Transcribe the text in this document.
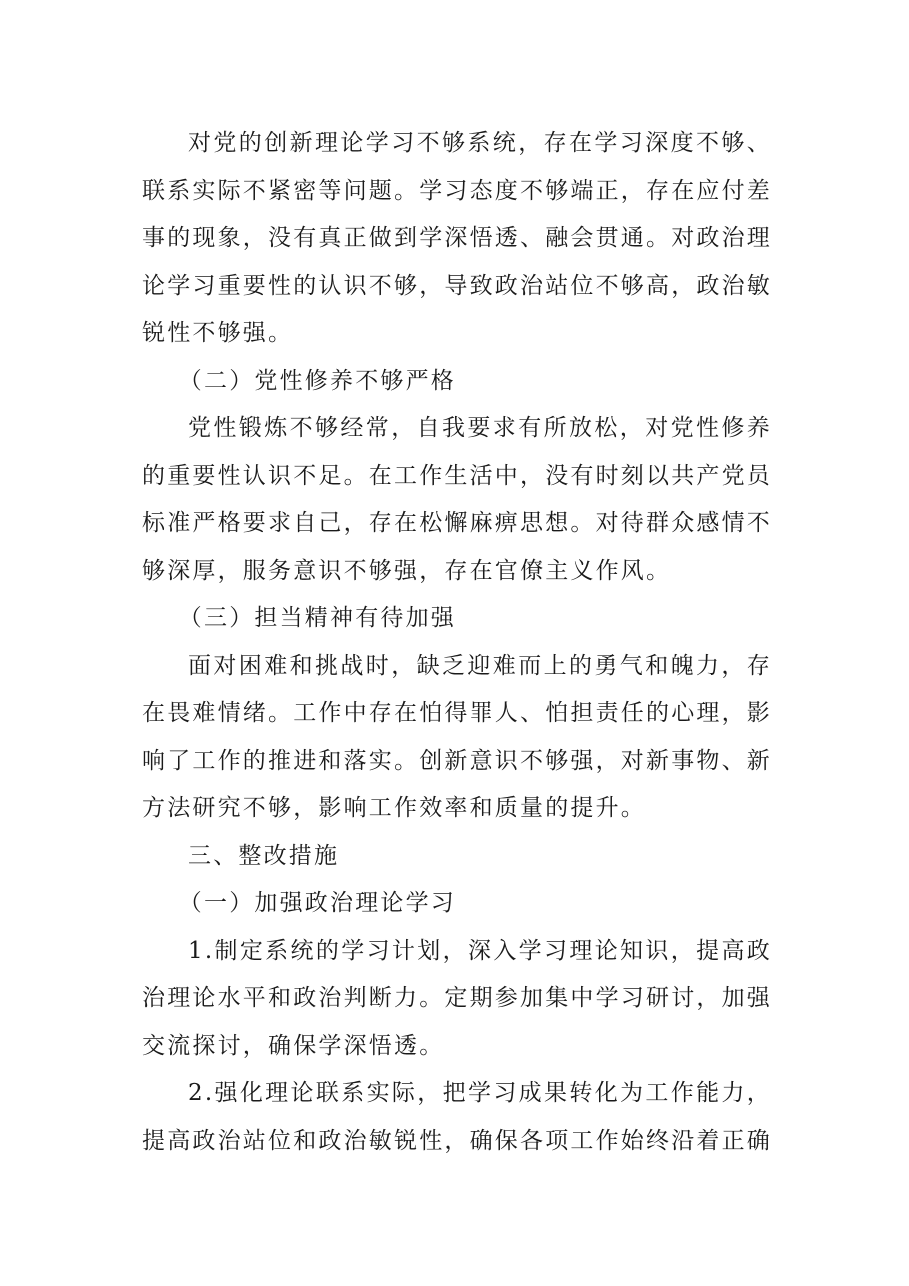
对党的创新理论学习不够系统，存在学习深度不够、联系实际不紧密等问题。学习态度不够端正，存在应付差事的现象，没有真正做到学深悟透、融会贯通。对政治理论学习重要性的认识不够，导致政治站位不够高，政治敏锐性不够强。

（二）党性修养不够严格

党性锻炼不够经常，自我要求有所放松，对党性修养的重要性认识不足。在工作生活中，没有时刻以共产党员标准严格要求自己，存在松懈麻痹思想。对待群众感情不够深厚，服务意识不够强，存在官僚主义作风。

（三）担当精神有待加强

面对困难和挑战时，缺乏迎难而上的勇气和魄力，存在畏难情绪。工作中存在怕得罪人、怕担责任的心理，影响了工作的推进和落实。创新意识不够强，对新事物、新方法研究不够，影响工作效率和质量的提升。

三、整改措施

（一）加强政治理论学习

1.制定系统的学习计划，深入学习理论知识，提高政治理论水平和政治判断力。定期参加集中学习研讨，加强交流探讨，确保学深悟透。

2.强化理论联系实际，把学习成果转化为工作能力，提高政治站位和政治敏锐性，确保各项工作始终沿着正确
